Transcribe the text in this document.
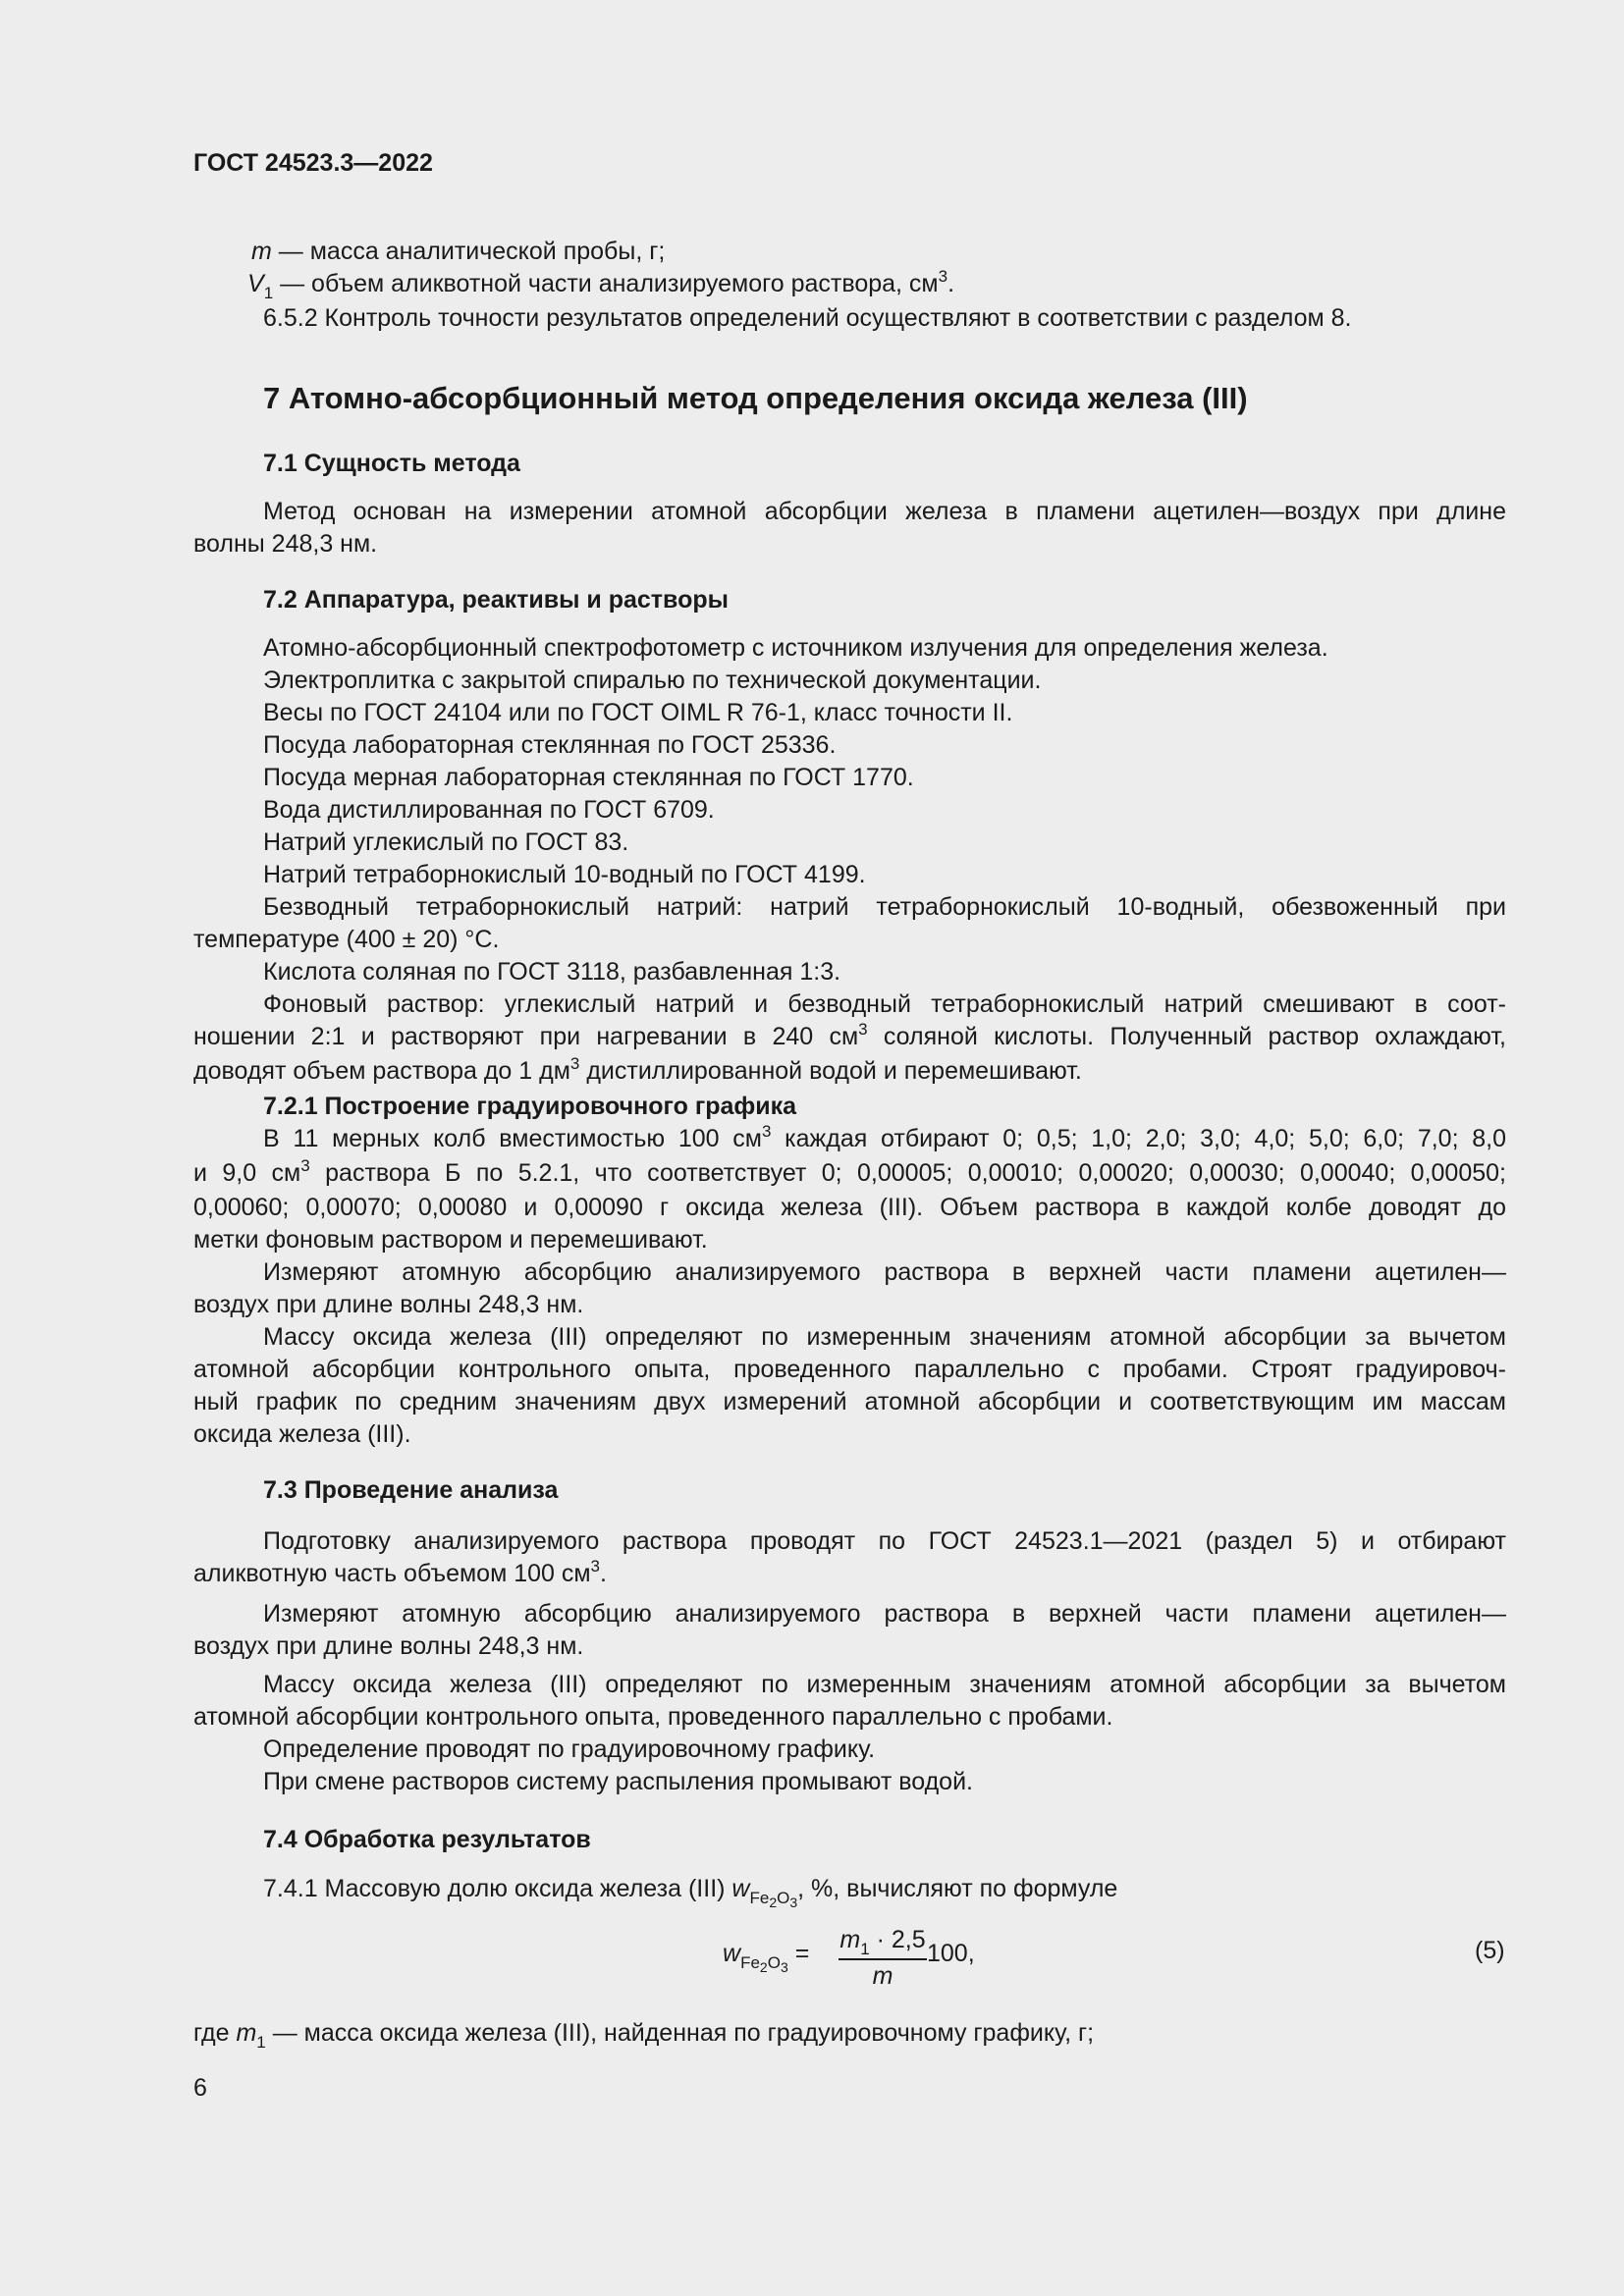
ГОСТ 24523.3—2022
m — масса аналитической пробы, г;
$V_1$ — объем аликвотной части анализируемого раствора, $см^3$.
6.5.2 Контроль точности результатов определений осуществляют в соответствии с разделом 8.
7 Атомно-абсорбционный метод определения оксида железа (III)
7.1 Сущность метода
Метод основан на измерении атомной абсорбции железа в пламени ацетилен—воздух при длине
волны 248,3 нм.
7.2 Аппаратура, реактивы и растворы
Атомно-абсорбционный спектрофотометр с источником излучения для определения железа.
Электроплитка с закрытой спиралью по технической документации.
Весы по ГОСТ 24104 или по ГОСТ OIML R 76-1, класс точности II.
Посуда лабораторная стеклянная по ГОСТ 25336.
Посуда мерная лабораторная стеклянная по ГОСТ 1770.
Вода дистиллированная по ГОСТ 6709.
Натрий углекислый по ГОСТ 83.
Натрий тетраборнокислый 10-водный по ГОСТ 4199.
Безводный тетраборнокислый натрий: натрий тетраборнокислый 10-водный, обезвоженный при
температуре (400 ± 20) °С.
Кислота соляная по ГОСТ 3118, разбавленная 1:3.
Фоновый раствор: углекислый натрий и безводный тетраборнокислый натрий смешивают в соот-
ношении 2:1 и растворяют при нагревании в 240 $см^3$ соляной кислоты. Полученный раствор охлаждают,
доводят объем раствора до 1 $дм^3$ дистиллированной водой и перемешивают.
7.2.1 Построение градуировочного графика
В 11 мерных колб вместимостью 100 $см^3$ каждая отбирают 0; 0,5; 1,0; 2,0; 3,0; 4,0; 5,0; 6,0; 7,0; 8,0
и 9,0 $см^3$ раствора Б по 5.2.1, что соответствует 0; 0,00005; 0,00010; 0,00020; 0,00030; 0,00040; 0,00050;
0,00060; 0,00070; 0,00080 и 0,00090 г оксида железа (III). Объем раствора в каждой колбе доводят до
метки фоновым раствором и перемешивают.
Измеряют атомную абсорбцию анализируемого раствора в верхней части пламени ацетилен—
воздух при длине волны 248,3 нм.
Массу оксида железа (III) определяют по измеренным значениям атомной абсорбции за вычетом
атомной абсорбции контрольного опыта, проведенного параллельно с пробами. Строят градуировоч-
ный график по средним значениям двух измерений атомной абсорбции и соответствующим им массам
оксида железа (III).
7.3 Проведение анализа
Подготовку анализируемого раствора проводят по ГОСТ 24523.1—2021 (раздел 5) и отбирают
аликвотную часть объемом 100 $см^3$.
Измеряют атомную абсорбцию анализируемого раствора в верхней части пламени ацетилен—
воздух при длине волны 248,3 нм.
Массу оксида железа (III) определяют по измеренным значениям атомной абсорбции за вычетом
атомной абсорбции контрольного опыта, проведенного параллельно с пробами.
Определение проводят по градуировочному графику.
При смене растворов систему распыления промывают водой.
7.4 Обработка результатов
7.4.1 Массовую долю оксида железа (III) $w_{Fe_2O_3}$, %, вычисляют по формуле
$w_{Fe_2O_3} = m_1 \cdot 2,5$
m
100,	(5)
где $m_1$ — масса оксида железа (III), найденная по градуировочному графику, г;
6
